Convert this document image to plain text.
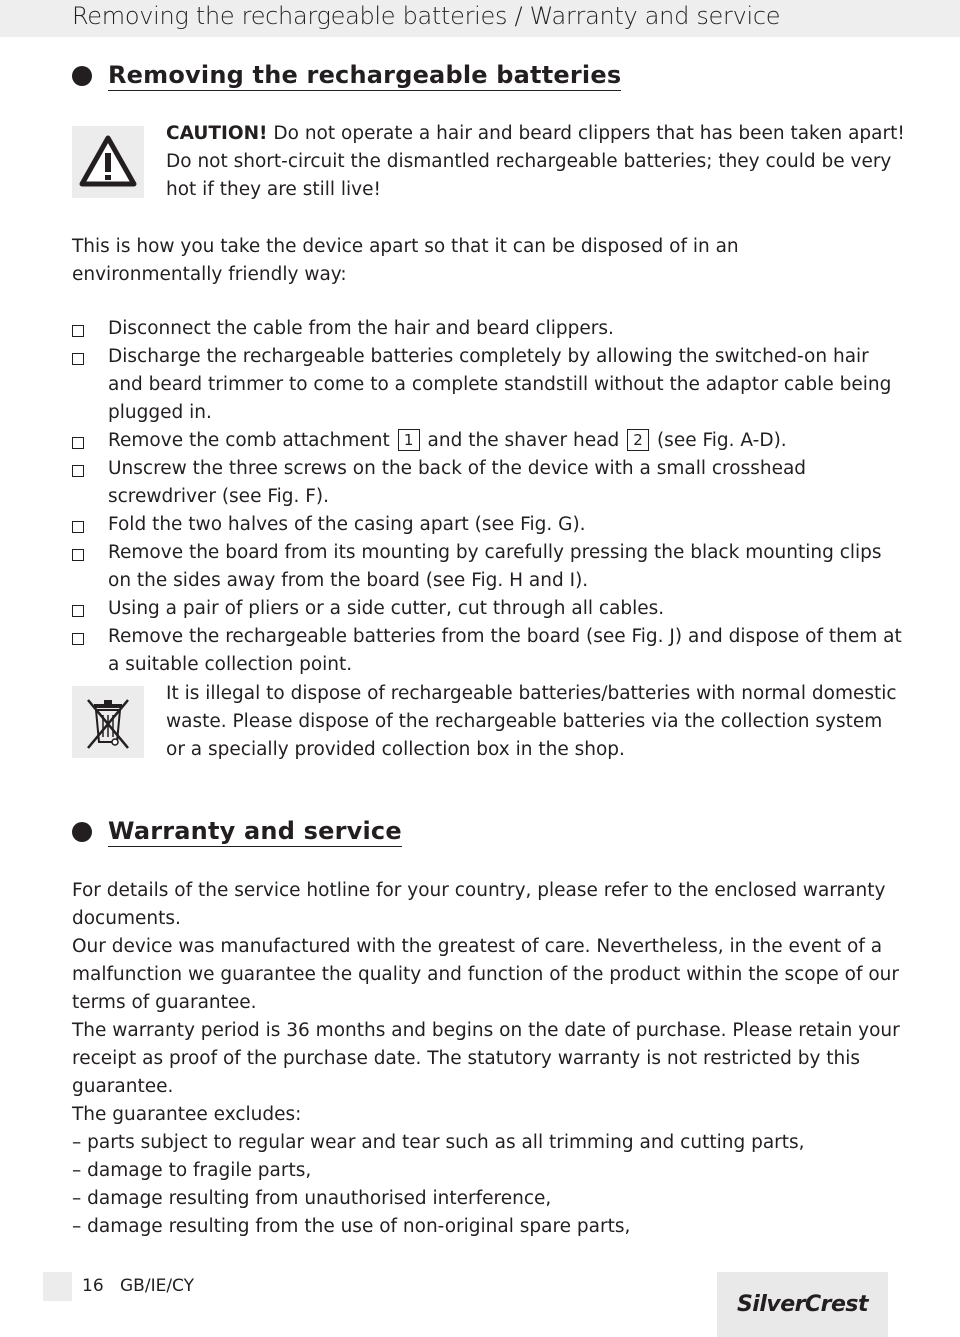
Removing the rechargeable batteries / Warranty and service
Removing the rechargeable batteries
CAUTION! Do not operate a hair and beard clippers that has been taken apart! Do not short-circuit the dismantled rechargeable batteries; they could be very hot if they are still live!
This is how you take the device apart so that it can be disposed of in an environmentally friendly way:

Disconnect the cable from the hair and beard clippers.

Discharge the rechargeable batteries completely by allowing the switched-on hair and beard trimmer to come to a complete standstill without the adaptor cable being plugged in.

Remove the comb attachment 1 and the shaver head 2 (see Fig. A-D).

Unscrew the three screws on the back of the device with a small crosshead screwdriver (see Fig. F).

Fold the two halves of the casing apart (see Fig. G).

Remove the board from its mounting by carefully pressing the black mounting clips on the sides away from the board (see Fig. H and I).

Using a pair of pliers or a side cutter, cut through all cables.

Remove the rechargeable batteries from the board (see Fig. J) and dispose of them at a suitable collection point.

It is illegal to dispose of rechargeable batteries/batteries with normal domestic waste. Please dispose of the rechargeable batteries via the collection system or a specially provided collection box in the shop.
Warranty and service
For details of the service hotline for your country, please refer to the enclosed warranty documents.
Our device was manufactured with the greatest of care. Nevertheless, in the event of a malfunction we guarantee the quality and function of the product within the scope of our terms of guarantee.
The warranty period is 36 months and begins on the date of purchase. Please retain your receipt as proof of the purchase date. The statutory warranty is not restricted by this guarantee.
The guarantee excludes:

– parts subject to regular wear and tear such as all trimming and cutting parts,

– damage to fragile parts,

– damage resulting from unauthorised interference,

– damage resulting from the use of non-original spare parts,

16 GB/IE/CY
SilverCrest
